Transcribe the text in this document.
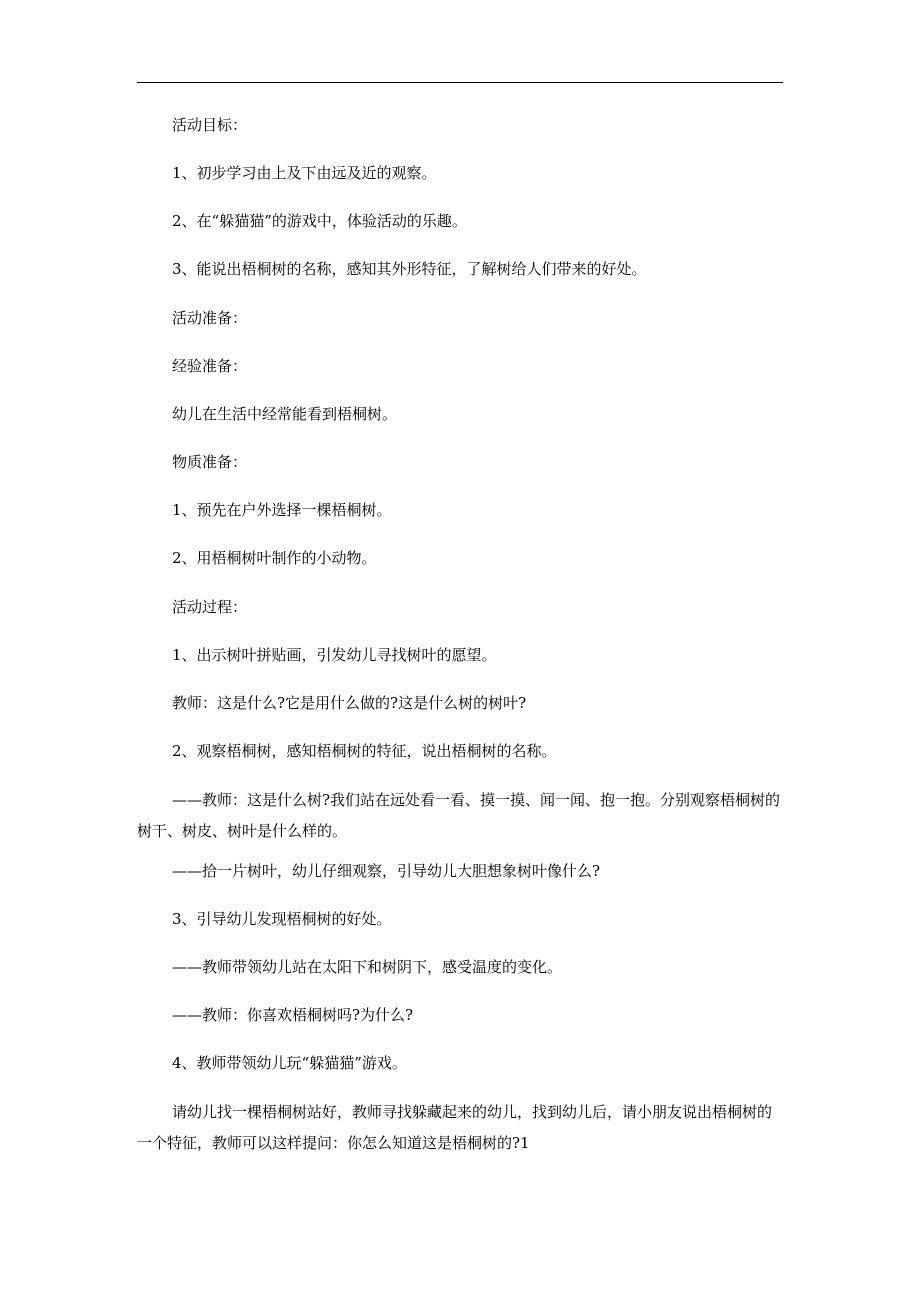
活动目标：
1、初步学习由上及下由远及近的观察。
2、在“躲猫猫”的游戏中，体验活动的乐趣。
3、能说出梧桐树的名称，感知其外形特征，了解树给人们带来的好处。
活动准备：
经验准备：
幼儿在生活中经常能看到梧桐树。
物质准备：
1、预先在户外选择一棵梧桐树。
2、用梧桐树叶制作的小动物。
活动过程：
1、出示树叶拼贴画，引发幼儿寻找树叶的愿望。
教师：这是什么?它是用什么做的?这是什么树的树叶?
2、观察梧桐树，感知梧桐树的特征，说出梧桐树的名称。
——教师：这是什么树?我们站在远处看一看、摸一摸、闻一闻、抱一抱。分别观察梧桐树的树干、树皮、树叶是什么样的。
——拾一片树叶，幼儿仔细观察，引导幼儿大胆想象树叶像什么?
3、引导幼儿发现梧桐树的好处。
——教师带领幼儿站在太阳下和树阴下，感受温度的变化。
——教师：你喜欢梧桐树吗?为什么?
4、教师带领幼儿玩“躲猫猫”游戏。
请幼儿找一棵梧桐树站好，教师寻找躲藏起来的幼儿，找到幼儿后，请小朋友说出梧桐树的一个特征，教师可以这样提问：你怎么知道这是梧桐树的?1
